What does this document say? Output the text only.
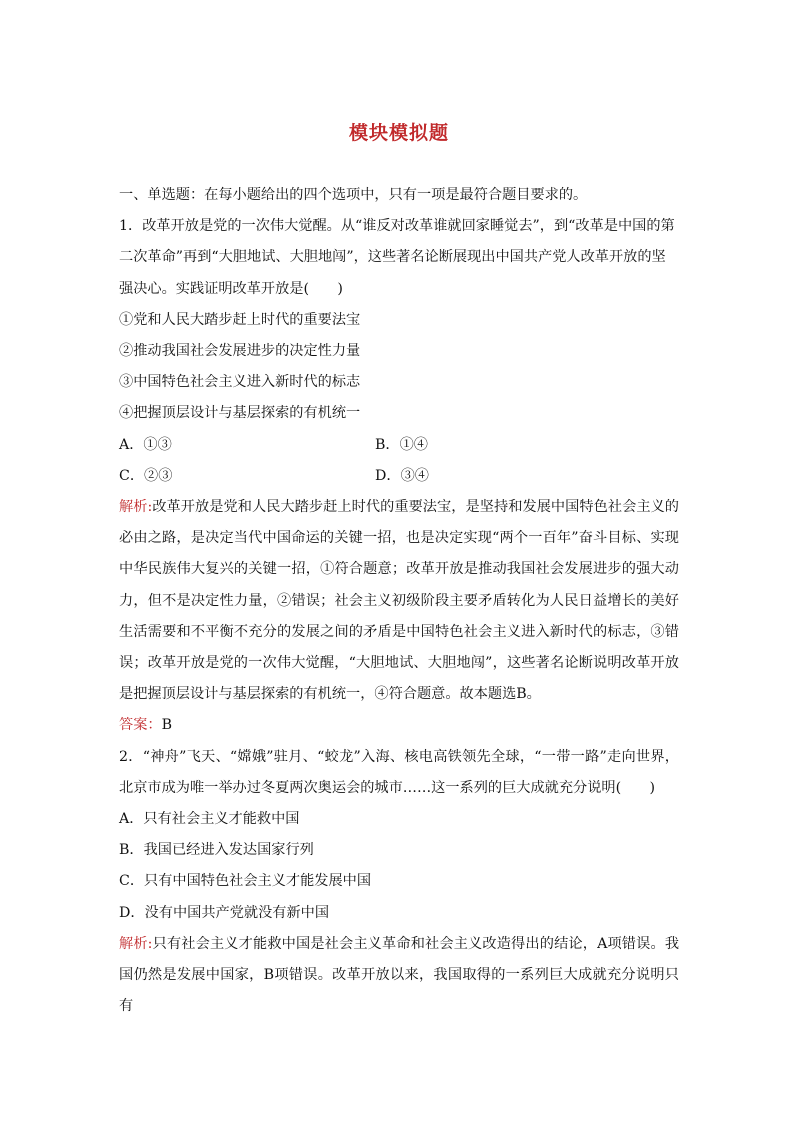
模块模拟题
一、单选题：在每小题给出的四个选项中，只有一项是最符合题目要求的。
1．改革开放是党的一次伟大觉醒。从“谁反对改革谁就回家睡觉去”，到“改革是中国的第
二次革命”再到“大胆地试、大胆地闯”，这些著名论断展现出中国共产党人改革开放的坚
强决心。实践证明改革开放是(　　)
①党和人民大踏步赶上时代的重要法宝
②推动我国社会发展进步的决定性力量
③中国特色社会主义进入新时代的标志
④把握顶层设计与基层探索的有机统一
A．①③	B．①④
C．②③	D．③④
解析:改革开放是党和人民大踏步赶上时代的重要法宝，是坚持和发展中国特色社会主义的必由之路，是决定当代中国命运的关键一招，也是决定实现“两个一百年”奋斗目标、实现中华民族伟大复兴的关键一招，①符合题意；改革开放是推动我国社会发展进步的强大动力，但不是决定性力量，②错误；社会主义初级阶段主要矛盾转化为人民日益增长的美好生活需要和不平衡不充分的发展之间的矛盾是中国特色社会主义进入新时代的标志，③错误；改革开放是党的一次伟大觉醒，“大胆地试、大胆地闯”，这些著名论断说明改革开放是把握顶层设计与基层探索的有机统一，④符合题意。故本题选B。
答案：B
2．“神舟”飞天、“嫦娥”驻月、“蛟龙”入海、核电高铁领先全球，“一带一路”走向世界，北京市成为唯一举办过冬夏两次奥运会的城市……这一系列的巨大成就充分说明(　　)
A．只有社会主义才能救中国
B．我国已经进入发达国家行列
C．只有中国特色社会主义才能发展中国
D．没有中国共产党就没有新中国
解析:只有社会主义才能救中国是社会主义革命和社会主义改造得出的结论，A项错误。我国仍然是发展中国家，B项错误。改革开放以来，我国取得的一系列巨大成就充分说明只有
